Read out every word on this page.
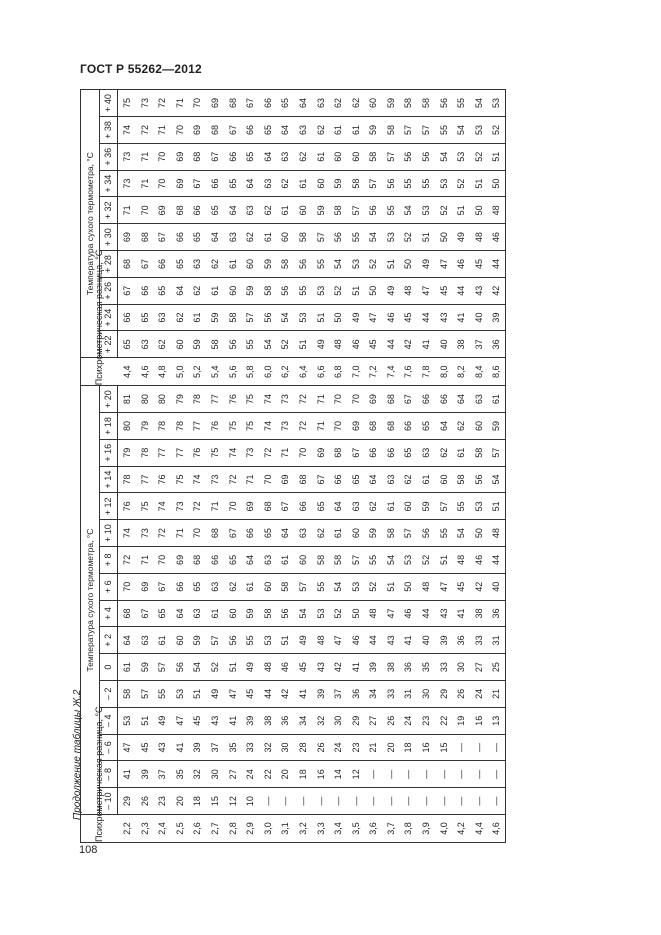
ГОСТ Р 55262—2012
Продолжение таблицы Ж.2
108
Психрометрическая разница, °С	Температура сухого термометра, °С																Психрометрическая разница, °С	Температура сухого термометра, °С									
	– 10	– 8	– 6	– 4	– 2	0	+ 2	+ 4	+ 6	+ 8	+ 10	+ 12	+ 14	+ 16	+ 18	+ 20		+ 22	+ 24	+ 26	+ 28	+ 30	+ 32	+ 34	+ 36	+ 38	+ 40
2,2	29	41	47	53	58	61	64	68	70	72	74	76	78	79	80	81	4,4	65	66	67	68	69	71	73	73	74	75
2,3	26	39	45	51	57	59	63	67	69	71	73	75	77	78	79	80	4,6	63	65	66	67	68	70	71	71	72	73
2,4	23	37	43	49	55	57	61	65	67	70	72	74	76	77	78	80	4,8	62	63	65	66	67	69	70	70	71	72
2,5	20	35	41	47	53	56	60	64	66	69	71	73	75	77	78	79	5,0	60	62	64	65	66	68	69	69	70	71
2,6	18	32	39	45	51	54	59	63	65	68	70	72	74	76	77	78	5,2	59	61	62	63	65	66	67	68	69	70
2,7	15	30	37	43	49	52	57	61	63	66	68	71	73	75	76	77	5,4	58	59	61	62	64	65	66	67	68	69
2,8	12	27	35	41	47	51	56	60	62	65	67	70	72	74	75	76	5,6	56	58	60	61	63	64	65	66	67	68
2,9	10	24	33	39	45	49	55	59	61	64	66	69	71	73	75	75	5,8	55	57	59	60	62	63	64	65	66	67
3,0	—	22	32	38	44	48	53	58	60	63	65	68	70	72	74	74	6,0	54	56	58	59	61	62	63	64	65	66
3,1	—	20	30	36	42	46	51	56	58	61	64	67	69	71	73	73	6,2	52	54	56	58	60	61	62	63	64	65
3,2	—	18	28	34	41	45	49	54	57	60	63	66	68	70	72	72	6,4	51	53	55	56	58	60	61	62	63	64
3,3	—	16	26	32	39	43	48	53	55	58	62	65	67	69	71	71	6,6	49	51	53	55	57	59	60	61	62	63
3,4	—	14	24	30	37	42	47	52	54	58	61	64	66	68	70	70	6,8	48	50	52	54	56	58	59	60	61	62
3,5	—	12	23	29	36	41	46	50	53	57	60	63	65	67	69	70	7,0	46	49	51	53	55	57	58	60	61	62
3,6	—	—	21	27	34	39	44	48	52	55	59	62	64	66	68	69	7,2	45	47	50	52	54	56	57	58	59	60
3,7	—	—	20	26	33	38	43	47	51	54	58	61	63	66	68	68	7,4	44	46	49	51	53	55	56	57	58	59
3,8	—	—	18	24	31	36	41	46	50	53	57	60	62	65	66	67	7,6	42	45	48	50	52	54	55	56	57	58
3,9	—	—	16	23	30	35	40	44	48	52	56	59	61	63	65	66	7,8	41	44	47	49	51	53	55	56	57	58
4,0	—	—	15	22	29	33	39	43	47	51	55	57	60	62	64	66	8,0	40	43	45	47	50	52	53	54	55	56
4,2	—	—	—	19	26	30	36	41	45	48	54	55	58	61	62	64	8,2	38	41	44	46	49	51	52	53	54	55
4,4	—	—	—	16	24	27	33	38	42	46	50	53	56	58	60	63	8,4	37	40	43	45	48	50	51	52	53	54
4,6	—	—	—	13	21	25	31	36	40	44	48	51	54	57	59	61	8,6	36	39	42	44	46	48	50	51	52	53
